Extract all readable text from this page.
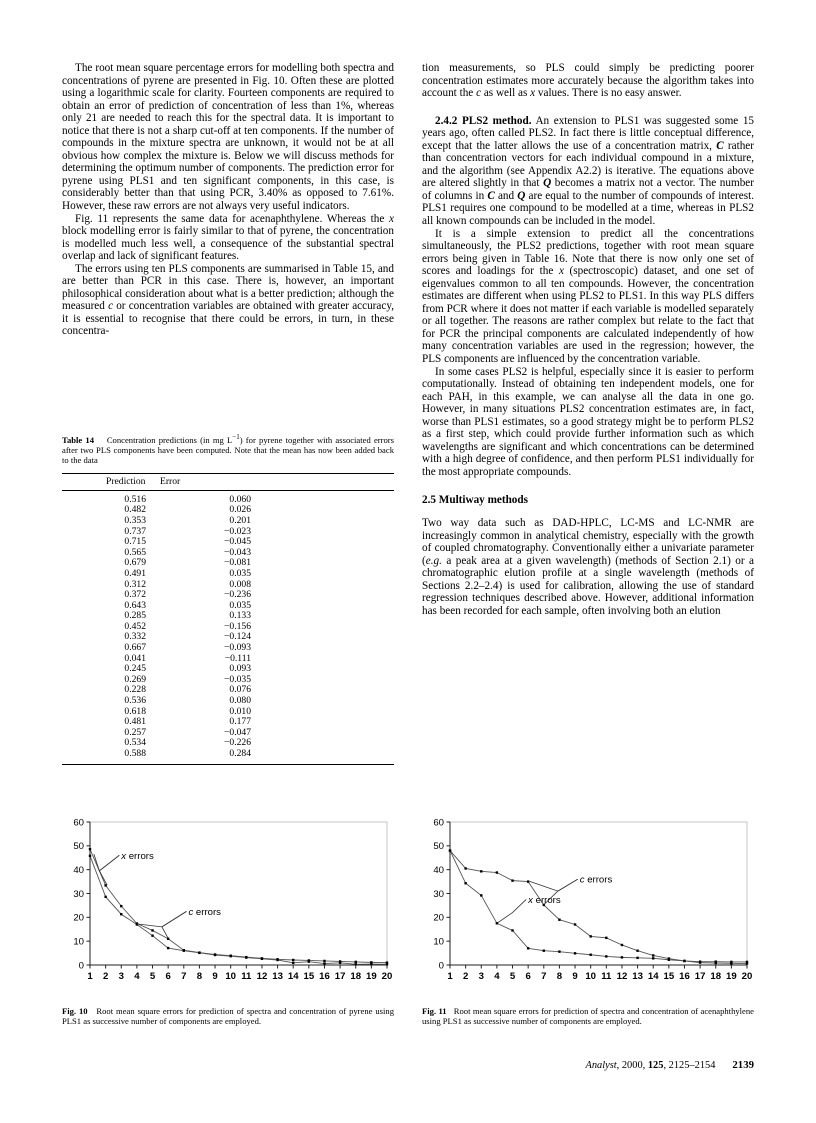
The root mean square percentage errors for modelling both spectra and concentrations of pyrene are presented in Fig. 10. Often these are plotted using a logarithmic scale for clarity. Fourteen components are required to obtain an error of prediction of concentration of less than 1%, whereas only 21 are needed to reach this for the spectral data. It is important to notice that there is not a sharp cut-off at ten components. If the number of compounds in the mixture spectra are unknown, it would not be at all obvious how complex the mixture is. Below we will discuss methods for determining the optimum number of components. The prediction error for pyrene using PLS1 and ten significant components, in this case, is considerably better than that using PCR, 3.40% as opposed to 7.61%. However, these raw errors are not always very useful indicators.

Fig. 11 represents the same data for acenaphthylene. Whereas the x block modelling error is fairly similar to that of pyrene, the concentration is modelled much less well, a consequence of the substantial spectral overlap and lack of significant features.

The errors using ten PLS components are summarised in Table 15, and are better than PCR in this case. There is, however, an important philosophical consideration about what is a better prediction; although the measured c or concentration variables are obtained with greater accuracy, it is essential to recognise that there could be errors, in turn, in these concentra-

Table 14    Concentration predictions (in mg $L^{-1}$) for pyrene together with associated errors after two PLS components have been computed. Note that the mean has now been added back to the data

Prediction	Error	
0.516	0.060	
0.482	0.026	
0.353	0.201	
0.737	−0.023	
0.715	−0.045	
0.565	−0.043	
0.679	−0.081	
0.491	0.035	
0.312	0.008	
0.372	−0.236	
0.643	0.035	
0.285	0.133	
0.452	−0.156	
0.332	−0.124	
0.667	−0.093	
0.041	−0.111	
0.245	0.093	
0.269	−0.035	
0.228	0.076	
0.536	0.080	
0.618	0.010	
0.481	0.177	
0.257	−0.047	
0.534	−0.226	
0.588	0.284	

tion measurements, so PLS could simply be predicting poorer concentration estimates more accurately because the algorithm takes into account the c as well as x values. There is no easy answer.

2.4.2 PLS2 method. An extension to PLS1 was suggested some 15 years ago, often called PLS2. In fact there is little conceptual difference, except that the latter allows the use of a concentration matrix, C rather than concentration vectors for each individual compound in a mixture, and the algorithm (see Appendix A2.2) is iterative. The equations above are altered slightly in that Q becomes a matrix not a vector. The number of columns in C and Q are equal to the number of compounds of interest. PLS1 requires one compound to be modelled at a time, whereas in PLS2 all known compounds can be included in the model.

It is a simple extension to predict all the concentrations simultaneously, the PLS2 predictions, together with root mean square errors being given in Table 16. Note that there is now only one set of scores and loadings for the x (spectroscopic) dataset, and one set of eigenvalues common to all ten compounds. However, the concentration estimates are different when using PLS2 to PLS1. In this way PLS differs from PCR where it does not matter if each variable is modelled separately or all together. The reasons are rather complex but relate to the fact that for PCR the principal components are calculated independently of how many concentration variables are used in the regression; however, the PLS components are influenced by the concentration variable.

In some cases PLS2 is helpful, especially since it is easier to perform computationally. Instead of obtaining ten independent models, one for each PAH, in this example, we can analyse all the data in one go. However, in many situations PLS2 concentration estimates are, in fact, worse than PLS1 estimates, so a good strategy might be to perform PLS2 as a first step, which could provide further information such as which wavelengths are significant and which concentrations can be determined with a high degree of confidence, and then perform PLS1 individually for the most appropriate compounds.

2.5 Multiway methods

Two way data such as DAD-HPLC, LC-MS and LC-NMR are increasingly common in analytical chemistry, especially with the growth of coupled chromatography. Conventionally either a univariate parameter (e.g. a peak area at a given wavelength) (methods of Section 2.1) or a chromatographic elution profile at a single wavelength (methods of Sections 2.2–2.4) is used for calibration, allowing the use of standard regression techniques described above. However, additional information has been recorded for each sample, often involving both an elution

0
10
20
30
40
50
60
1 2 3 4 5 6 7 8 9 10 11 12 13 14 15 16 17 18 19 20
x errors
c errors
0
10
20
30
40
50
60
1 2 3 4 5 6 7 8 9 10 11 12 13 14 15 16 17 18 19 20
c errors
x errors

Fig. 10 Root mean square errors for prediction of spectra and concentration of pyrene using PLS1 as successive number of components are employed.

Fig. 11 Root mean square errors for prediction of spectra and concentration of acenaphthylene using PLS1 as successive number of components are employed.

Analyst, 2000, 125, 2125–2154 2139
